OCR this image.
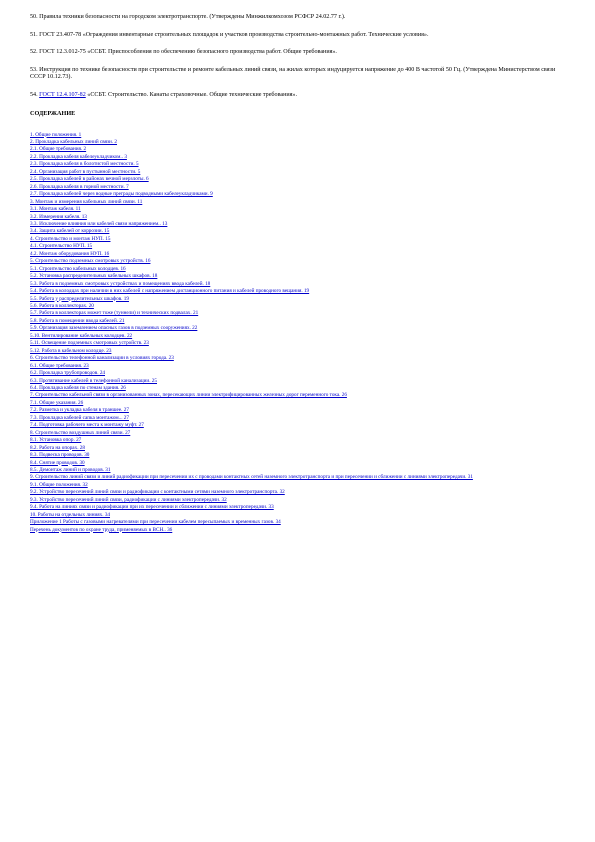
50. Правила техники безопасности на городском электротранспорте. (Утверждены Минжилкомхозом РСФСР 24.02.77 г.).

51. ГОСТ 23.407-78 «Ограждения инвентарные строительных площадок и участков производства строительно-монтажных работ. Технические условия».

52. ГОСТ 12.3.012-75 «ССБТ. Приспособления по обеспечению безопасного производства работ. Общие требования».

53. Инструкция по технике безопасности при строительстве и ремонте кабельных линий связи, на жилах которых индуцируется напряжение до 400 В частотой 50 Гц. (Утверждена Министерством связи СССР 10.12.73).

54. ГОСТ 12.4.107-82 «ССБТ. Строительство. Канаты страховочные. Общие технические требования».

СОДЕРЖАНИЕ

1. Общие положения. 1
2. Прокладка кабельных линий связи. 2
2.1. Общие требования. 2
2.2. Прокладка кабеля кабелеукладчиком.. 3
2.3. Прокладка кабеля в болотистой местности. 5
2.4. Организация работ в пустынной местности. 5
2.5. Прокладка кабелей в районах вечной мерзлоты. 6
2.6. Прокладка кабеля в горной местности. 7
2.7. Прокладка кабелей через водные преграды подводными кабелеукладчиками. 9
3. Монтаж и измерения кабельных линий связи. 11
3.1. Монтаж кабеля. 11
3.2. Измерения кабеля. 13
3.3. Исключение влияния или кабелей связи напряжением.. 13
3.4. Защита кабелей от коррозии. 15
4. Строительство и монтаж НУП. 15
4.1. Строительство НУП. 15
4.2. Монтаж оборудования НУП. 16
5. Строительство подземных смотровых устройств. 16
5.1. Строительство кабельных колодцев. 16
5.2. Установка распределительных кабельных шкафов. 18
5.3. Работа в подземных смотровых устройствах и помещениях ввода кабелей. 18
5.4. Работа в колодцах при наличии в них кабелей с напряжением дистанционного питания и кабелей проводного вещания. 19
5.5. Работа у распределительных шкафов. 19
5.6. Работа в коллекторах. 20
5.7. Работа в коллекторах может тоже (туннели) и технических подвалах. 21
5.8. Работа в помещении ввода кабелей. 21
5.9. Организация заземлением опасных газов в подземных сооружениях. 22
5.10. Вентилирование кабельных колодцев. 22
5.11. Освещение подземных смотровых устройств. 23
5.12. Работа в кабельном колодце. 23
6. Строительство телефонной канализации в условиях города. 23
6.1. Общие требования. 23
6.2. Прокладка трубопроводов. 24
6.3. Протягивание кабелей в телефонной канализации. 25
6.4. Прокладка кабеля по стенам здания. 26
7. Строительство кабельной связи в организованных зонах, пересекающих линии электрифицированных железных дорог переменного тока. 26
7.1. Общие указания. 26
7.2. Разметка и укладка кабеля в траншее. 27
7.3. Прокладка кабелей сапка монтажом... 27
7.4. Подготовка рабочего места к монтажу муфт. 27
8. Строительство воздушных линий связи. 27
8.1. Установка опор. 27
8.2. Работа на опорах. 28
8.3. Подвеска проводов. 30
8.4. Снятие проводов. 30
8.5. Демонтаж линий и проводов. 31
9. Строительство линий связи и линий радиофикации при пересечении их с проводами контактных сетей наземного электротранспорта и при пересечении и сближении с линиями электропередачи. 31
9.1. Общие положения. 32
9.2. Устройство пересечений линий связи и радиофикации с контактными сетями наземного электротранспорта. 32
9.3. Устройство пересечений линий связи, радиофикации с линиями электропередачи. 32
9.4. Работа на линиях связи и радиофикации при их пересечении и сближении с линиями электропередачи. 33
10. Работы на отдельных линиях. 34
Приложение 1 Работы с газовыми нагревателями при пересечении кабелем пересыпаемых и временных газов. 34
Перечень документов по охране труда, применяемых в ВСН.. 36
